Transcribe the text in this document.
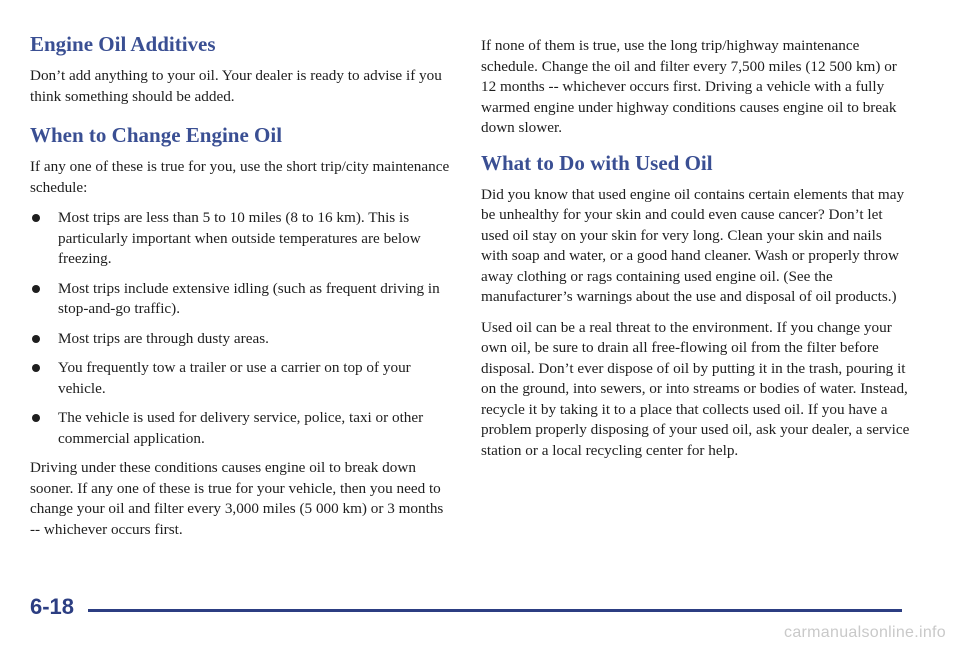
Engine Oil Additives

Don’t add anything to your oil. Your dealer is ready to advise if you think something should be added.

When to Change Engine Oil

If any one of these is true for you, use the short trip/city maintenance schedule:

Most trips are less than 5 to 10 miles (8 to 16 km). This is particularly important when outside temperatures are below freezing.
Most trips include extensive idling (such as frequent driving in stop-and-go traffic).
Most trips are through dusty areas.
You frequently tow a trailer or use a carrier on top of your vehicle.
The vehicle is used for delivery service, police, taxi or other commercial application.

Driving under these conditions causes engine oil to break down sooner. If any one of these is true for your vehicle, then you need to change your oil and filter every 3,000 miles (5 000 km) or 3 months -- whichever occurs first.

If none of them is true, use the long trip/highway maintenance schedule. Change the oil and filter every 7,500 miles (12 500 km) or 12 months -- whichever occurs first. Driving a vehicle with a fully warmed engine under highway conditions causes engine oil to break down slower.

What to Do with Used Oil

Did you know that used engine oil contains certain elements that may be unhealthy for your skin and could even cause cancer? Don’t let used oil stay on your skin for very long. Clean your skin and nails with soap and water, or a good hand cleaner. Wash or properly throw away clothing or rags containing used engine oil. (See the manufacturer’s warnings about the use and disposal of oil products.)

Used oil can be a real threat to the environment. If you change your own oil, be sure to drain all free-flowing oil from the filter before disposal. Don’t ever dispose of oil by putting it in the trash, pouring it on the ground, into sewers, or into streams or bodies of water. Instead, recycle it by taking it to a place that collects used oil. If you have a problem properly disposing of your used oil, ask your dealer, a service station or a local recycling center for help.

6-18
carmanualsonline.info
